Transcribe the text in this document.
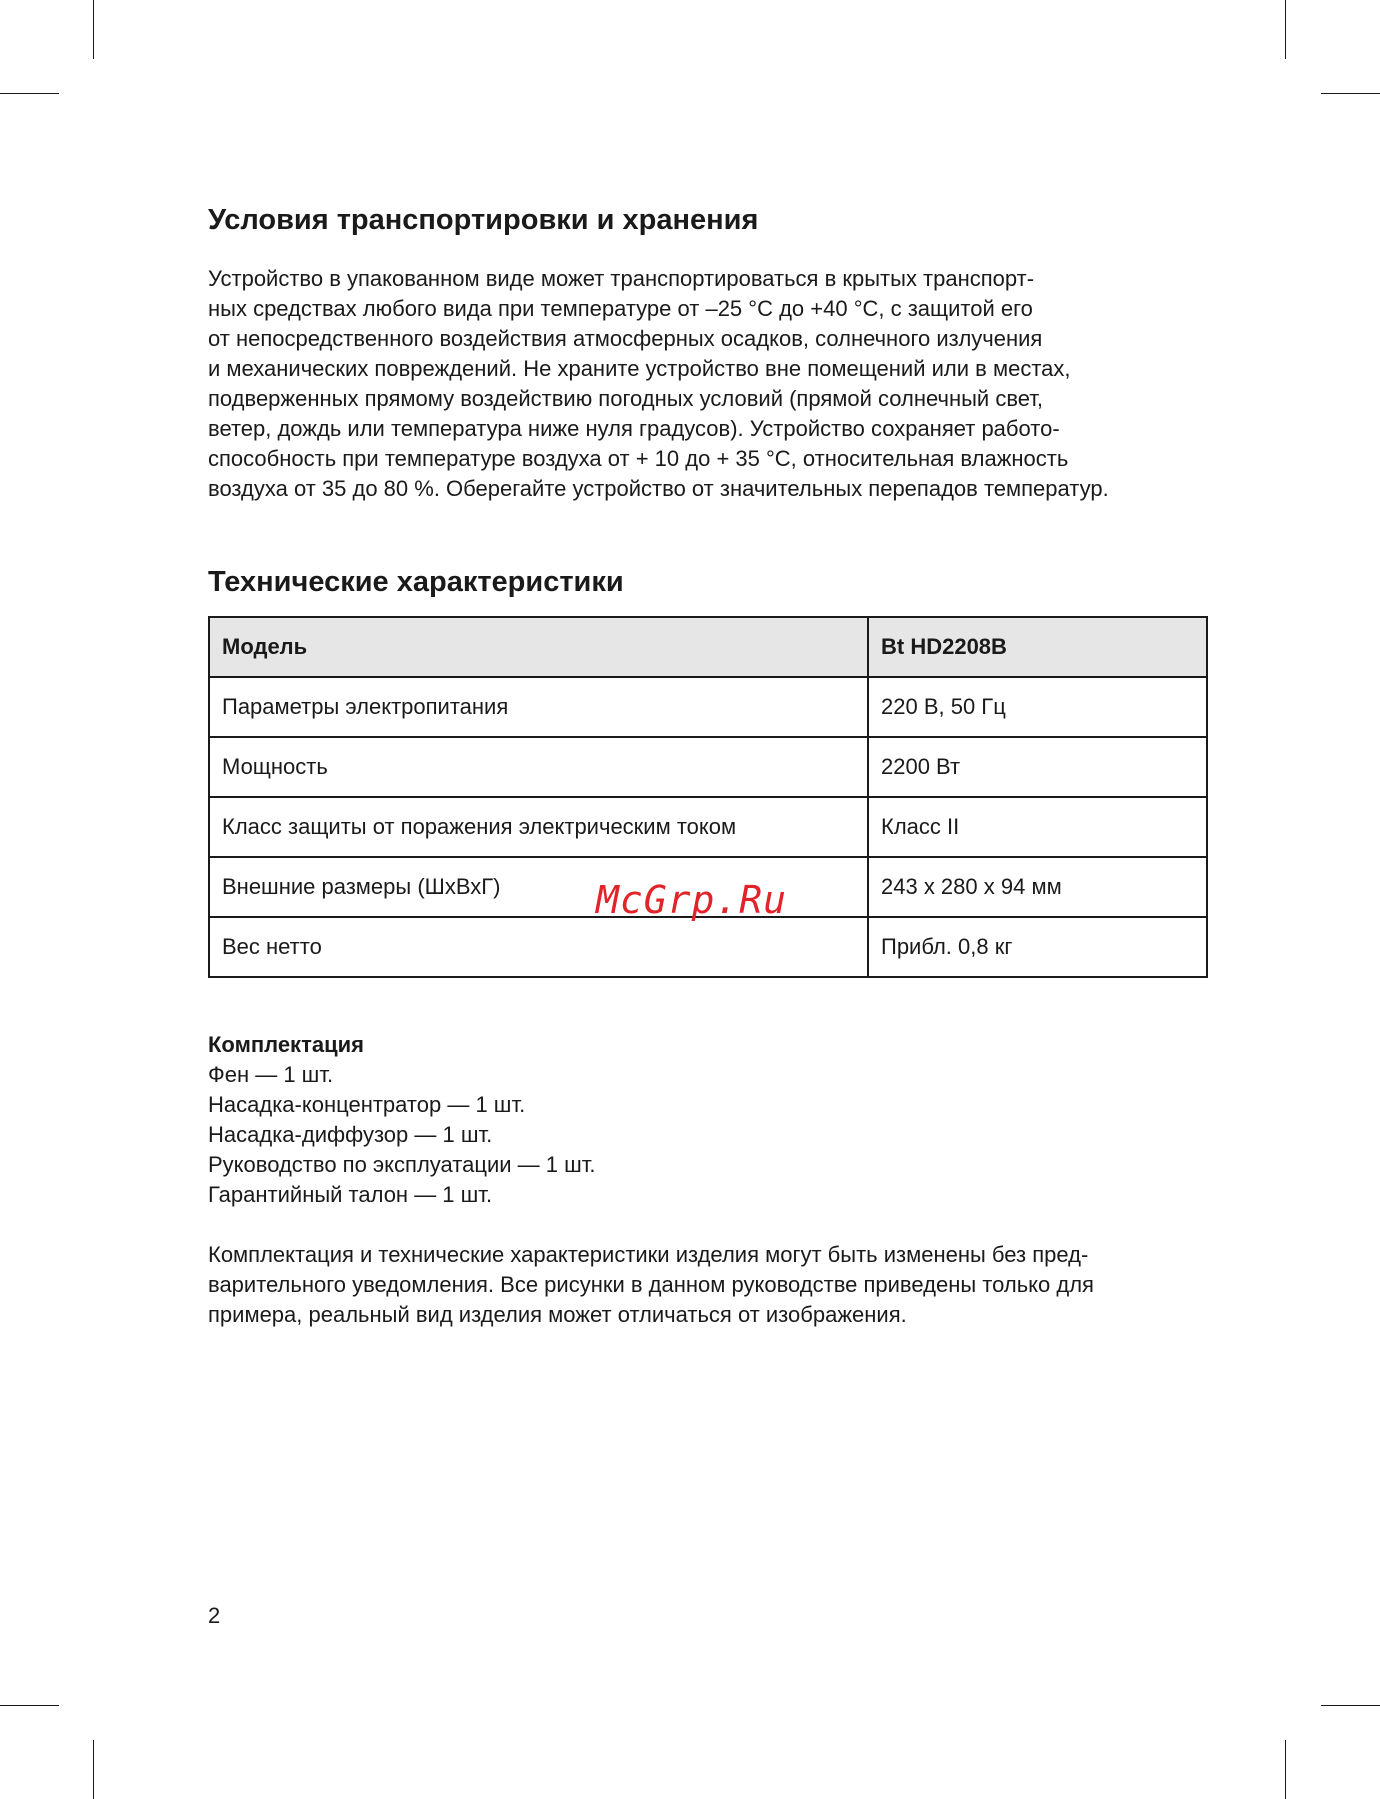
Условия транспортировки и хранения

Устройство в упакованном виде может транспортироваться в крытых транспорт-
ных средствах любого вида при температуре от –25 °C до +40 °C, с защитой его
от непосредственного воздействия атмосферных осадков, солнечного излучения
и механических повреждений. Не храните устройство вне помещений или в местах,
подверженных прямому воздействию погодных условий (прямой солнечный свет,
ветер, дождь или температура ниже нуля градусов). Устройство сохраняет работо-
способность при температуре воздуха от + 10 до + 35 °C, относительная влажность
воздуха от 35 до 80 %. Оберегайте устройство от значительных перепадов температур.

Технические характеристики
Модель	Bt HD2208B
Параметры электропитания	220 В, 50 Гц
Мощность	2200 Вт
Класс защиты от поражения электрическим током	Класс II
Внешние размеры (ШхВхГ)	243 x 280 x 94 мм
Вес нетто	Прибл. 0,8 кг

Комплектация

Фен — 1 шт.
Насадка-концентратор — 1 шт.
Насадка-диффузор — 1 шт.
Руководство по эксплуатации — 1 шт.
Гарантийный талон — 1 шт.

Комплектация и технические характеристики изделия могут быть изменены без пред-
варительного уведомления. Все рисунки в данном руководстве приведены только для
примера, реальный вид изделия может отличаться от изображения.

McGrp.Ru
2
